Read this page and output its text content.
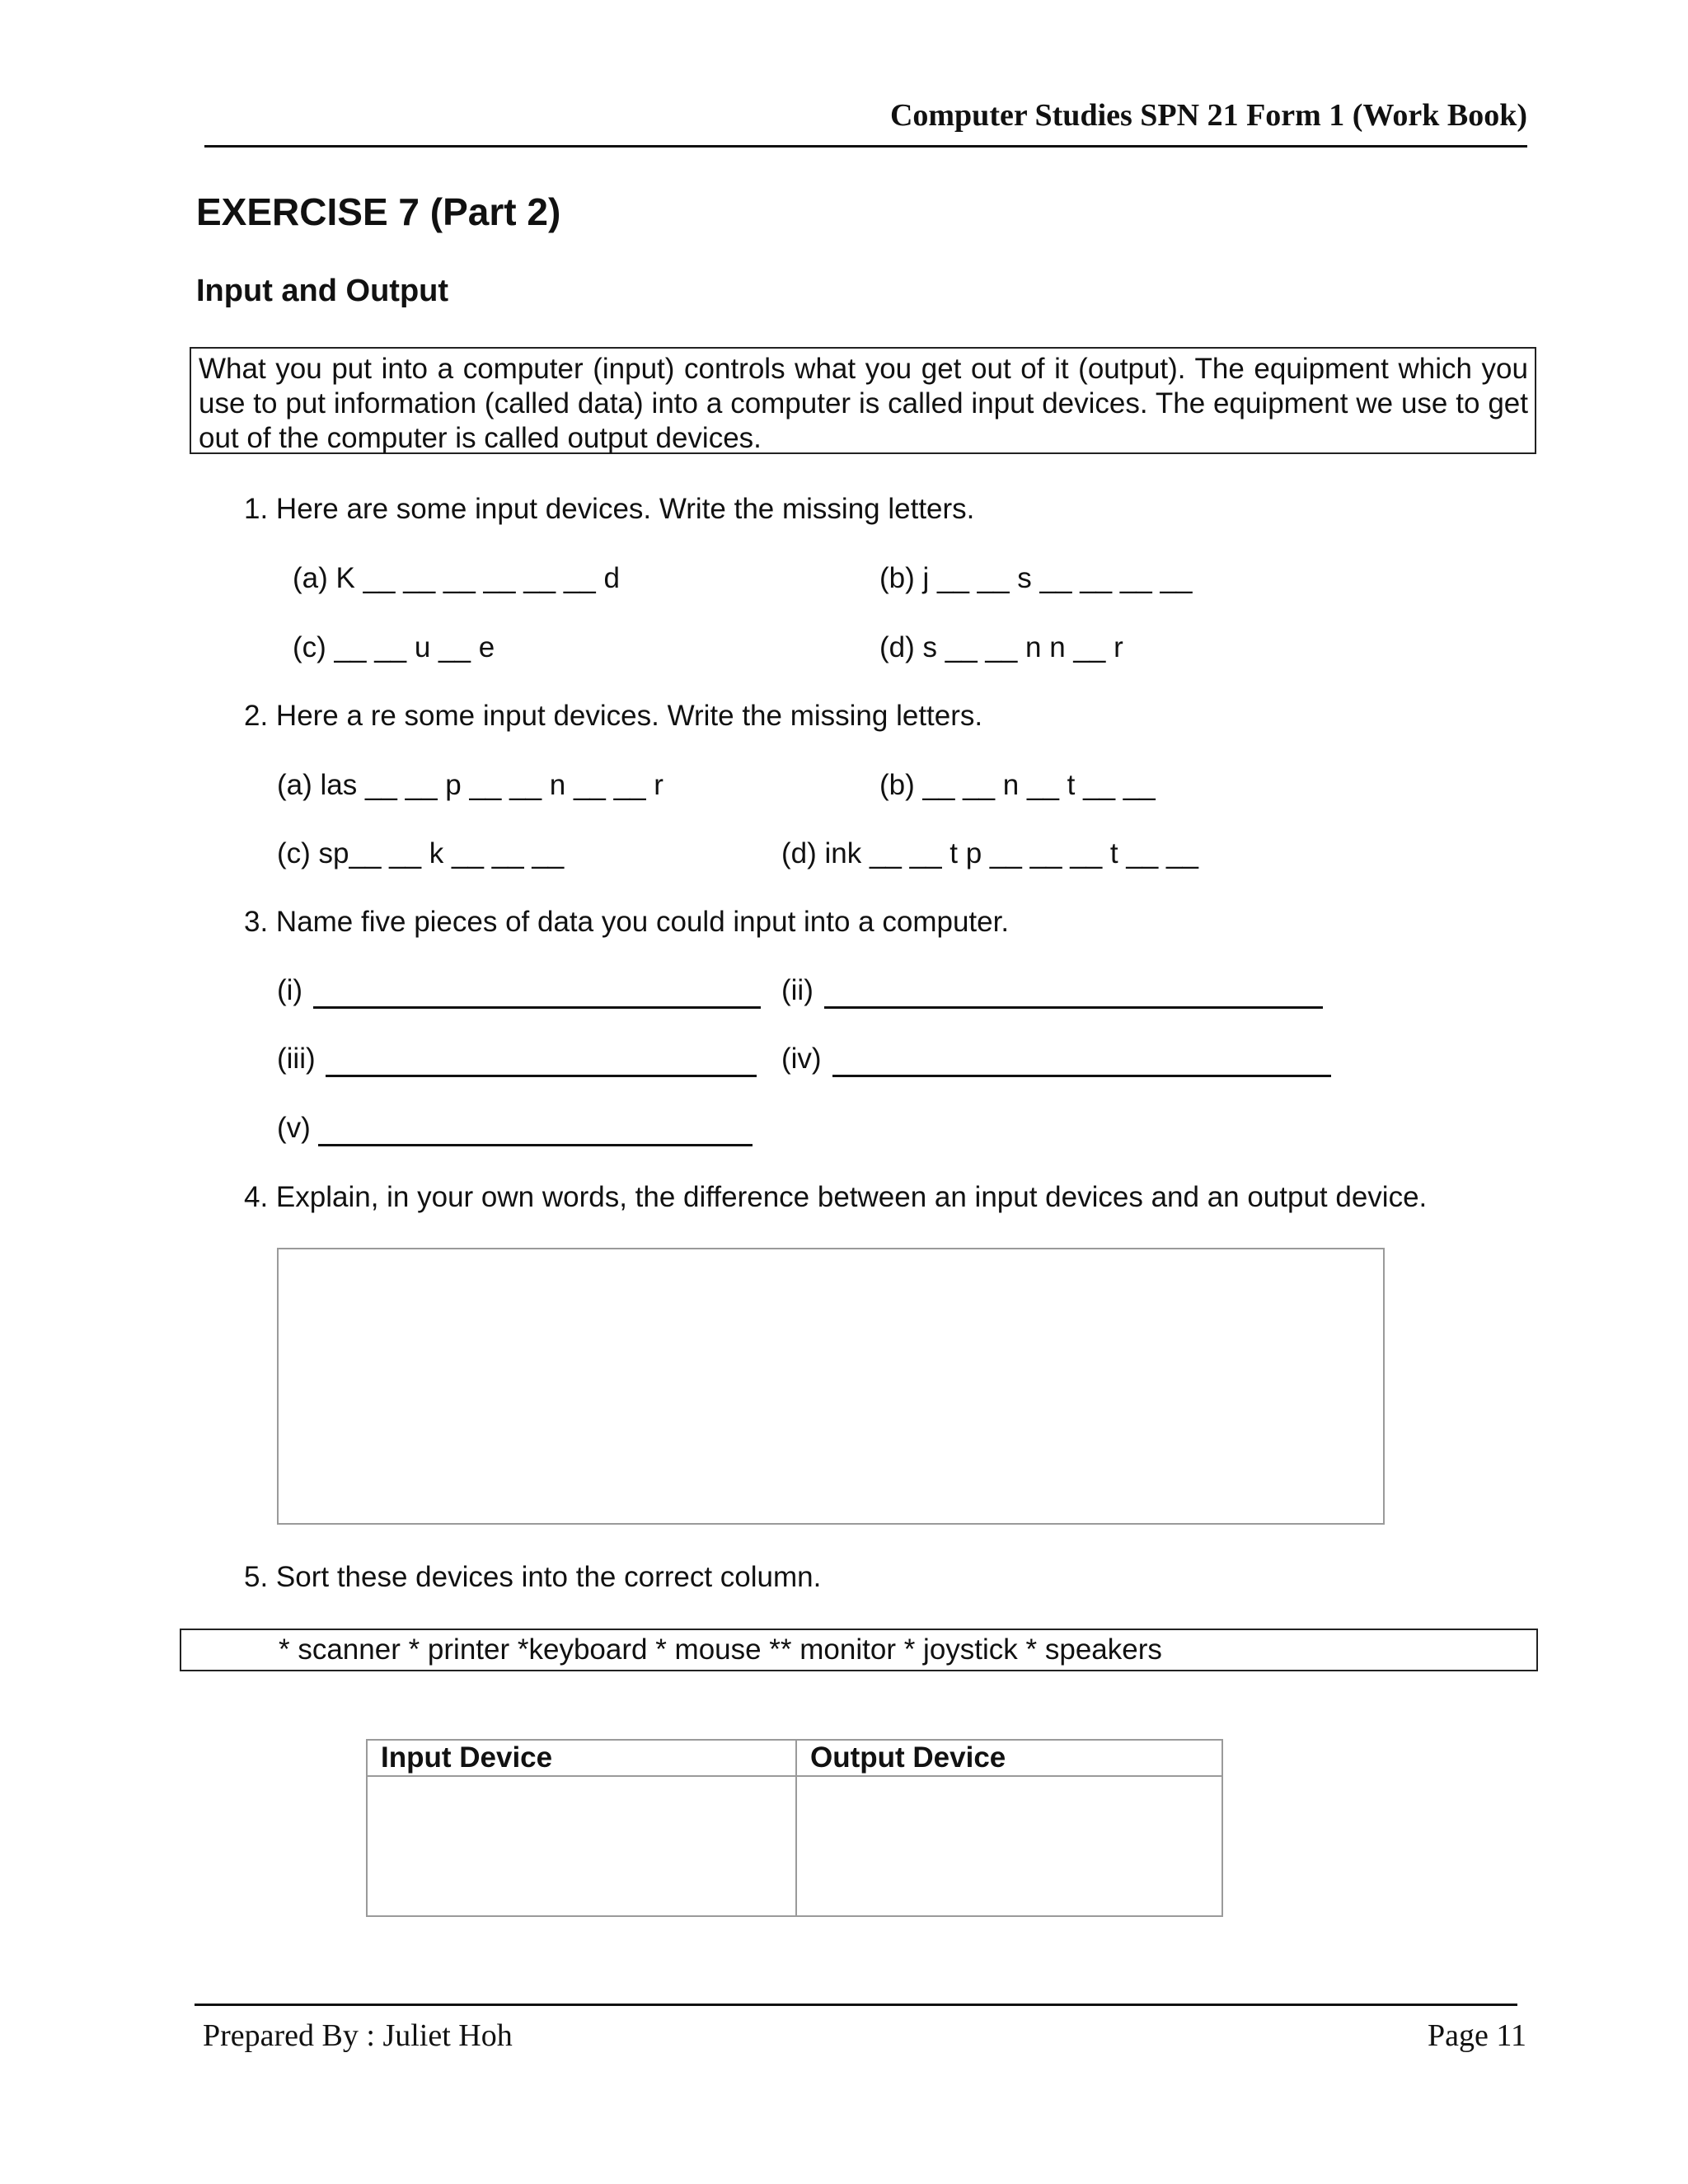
Computer Studies SPN 21 Form 1 (Work Book)
EXERCISE 7 (Part 2)
Input and Output
What you put into a computer (input) controls what you get out of it (output). The equipment which you use to put information (called data) into a computer is called input devices. The equipment we use to get out of the computer is called output devices.
1. Here are some input devices. Write the missing letters.
(a) K __ __ __ __ __ __ d	(b) j __ __ s __ __ __ __
(c) __ __ u __ e	(d) s __ __ n n __ r
2. Here a re some input devices. Write the missing letters.
(a) las __ __ p __ __ n __ __ r	(b) __ __ n __ t __ __
(c) sp__ __ k __ __ __	(d) ink __ __ t p __ __ __ t __ __
3. Name five pieces of data you could input into a computer.
(i)	(ii)
(iii)	(iv)
(v)
4. Explain, in your own words, the difference between an input devices and an output device.
5. Sort these devices into the correct column.
* scanner * printer *keyboard * mouse ** monitor * joystick * speakers
Input Device	Output Device

Prepared By : Juliet Hoh	Page 11
